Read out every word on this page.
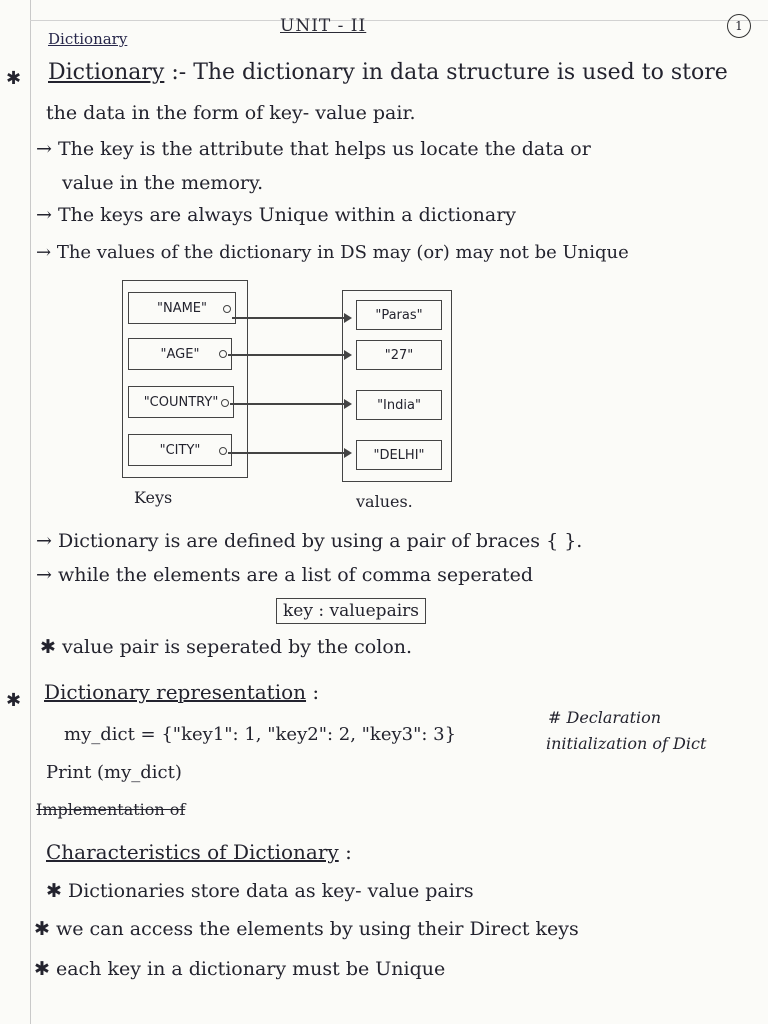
UNIT - II	1
Dictionary
✱ Dictionary :- The dictionary in data structure is used to store
the data in the form of key- value pair.
→ The key is the attribute that helps us locate the data or
value in the memory.
→ The keys are always Unique within a dictionary
→ The values of the dictionary in DS may (or) may not be Unique
"NAME"
"AGE"
"COUNTRY"
"CITY"
"Paras"
"27"
"India"
"DELHI"
Keys	values.
→ Dictionary is are defined by using a pair of braces { }.
→ while the elements are a list of comma seperated
key : valuepairs
✱ value pair is seperated by the colon.
✱ Dictionary representation :
my_dict = {"key1": 1, "key2": 2, "key3": 3}
# Declaration
initialization of Dict
Print (my_dict)
Implementation of
Characteristics of Dictionary :
✱ Dictionaries store data as key- value pairs
✱ we can access the elements by using their Direct keys
✱ each key in a dictionary must be Unique
